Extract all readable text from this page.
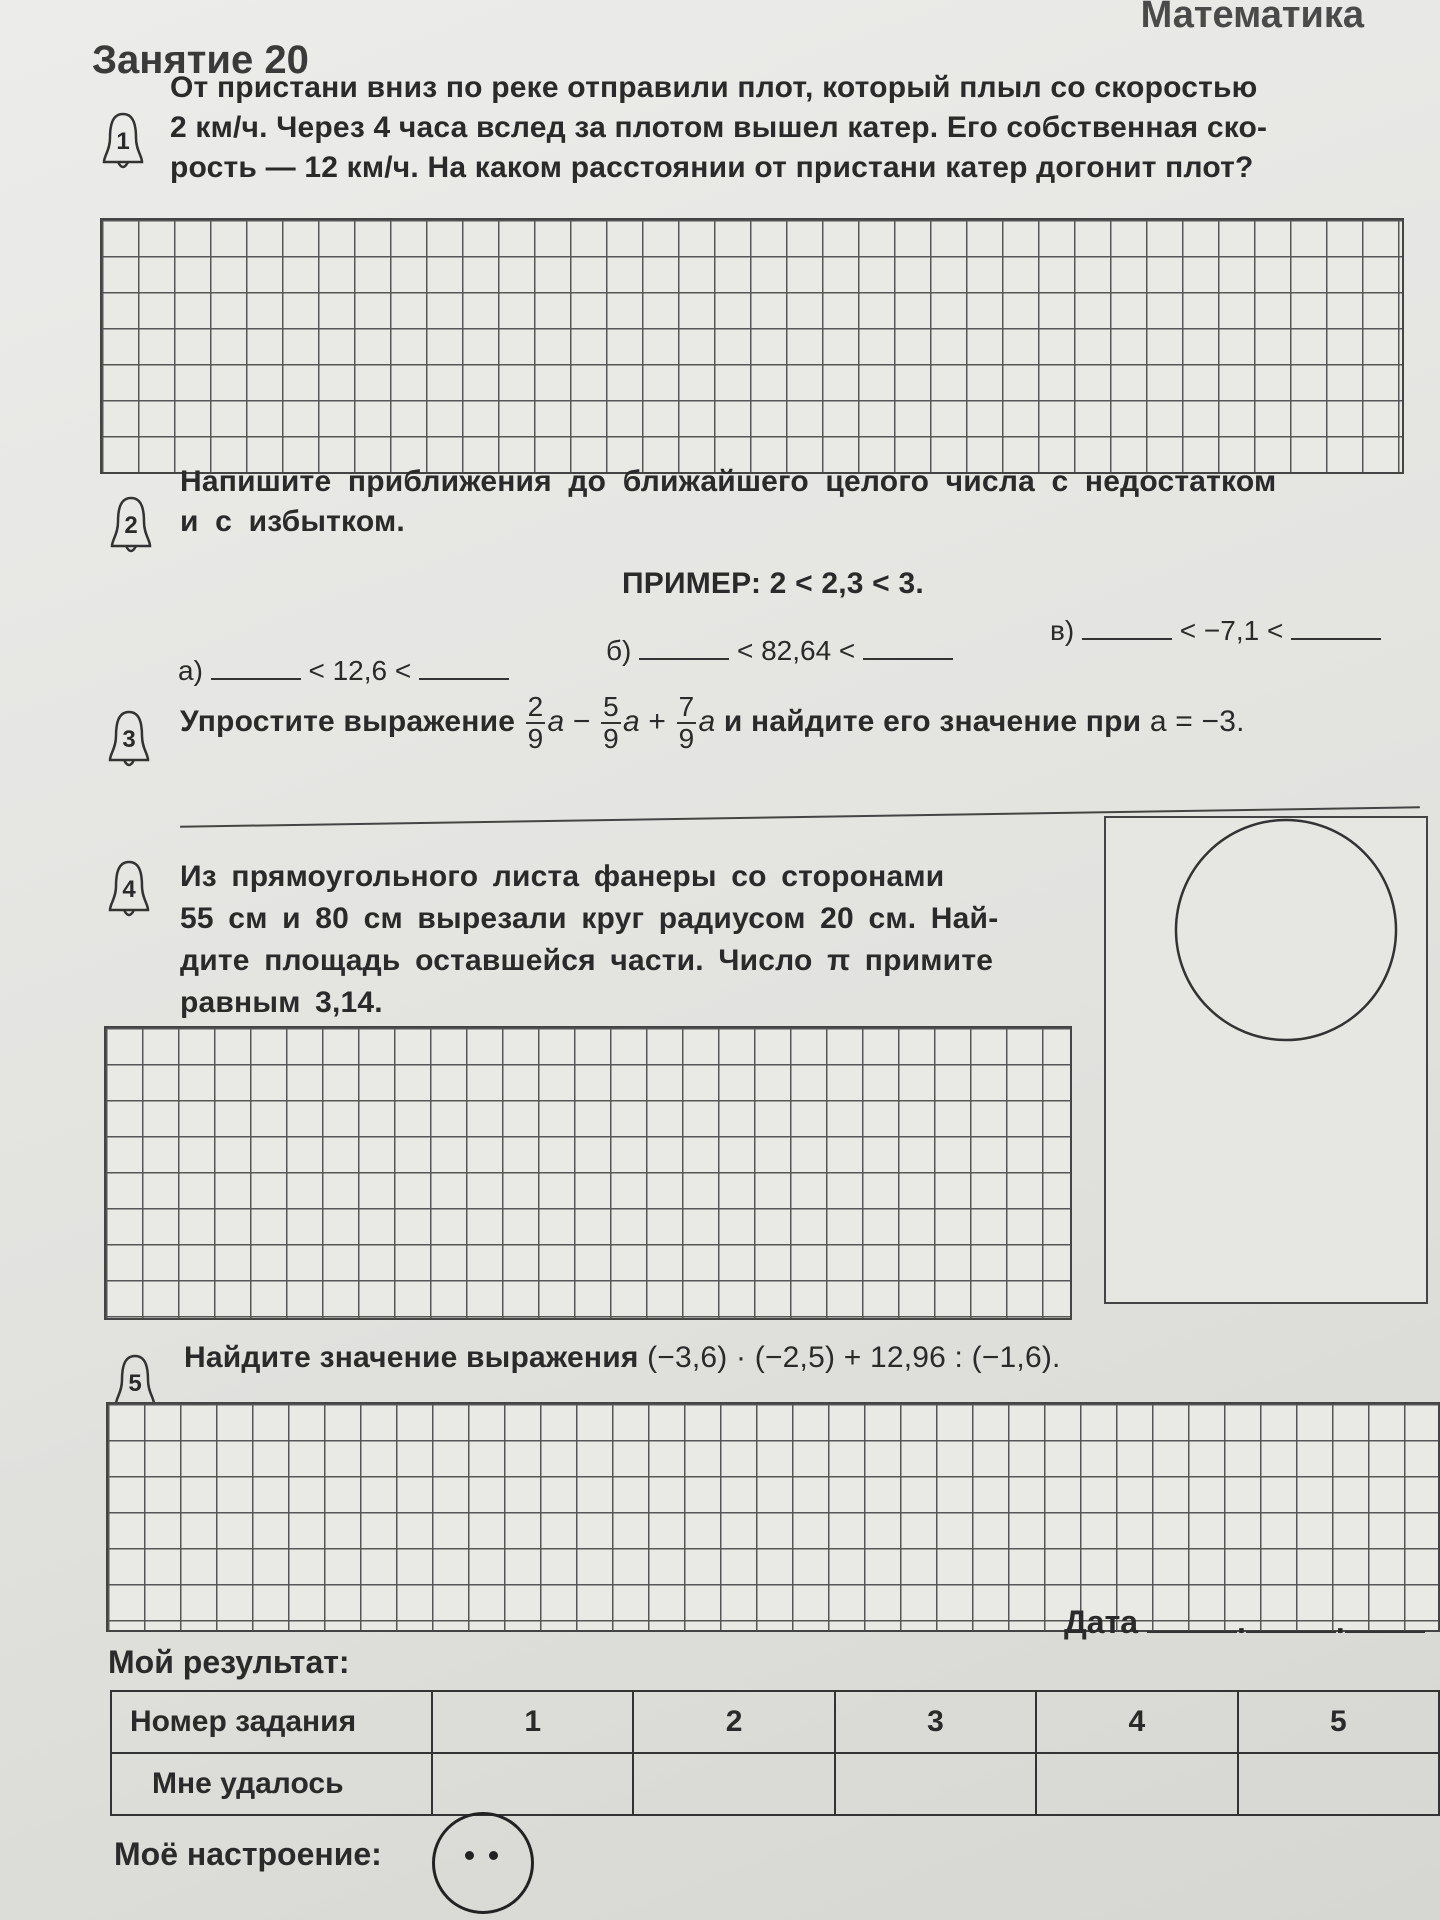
Математика
Занятие 20
1
От пристани вниз по реке отправили плот, который плыл со скоростью
2 км/ч. Через 4 часа вслед за плотом вышел катер. Его собственная ско-
рость — 12 км/ч. На каком расстоянии от пристани катер догонит плот?
2
Напишите приближения до ближайшего целого числа с недостатком
и с избытком.
ПРИМЕР: 2 < 2,3 < 3.
а)	< 12,6 <
б)	< 82,64 <
в)	< −7,1 <
3
Упростите выражение $\frac{2}{9}$ $a - \frac{5}{9}$ $a + \frac{7}{9}$ a и найдите его значение при a = −3.
4	Из прямоугольного листа фанеры со сторонами
55 см и 80 см вырезали круг радиусом 20 см. Най-
дите площадь оставшейся части. Число π примите
равным 3,14.
5
Найдите значение выражения (−3,6) · (−2,5) + 12,96 : (−1,6).
Дата	.	.
Мой результат:
Номер задания	1	2	3	4	5
Мне удалось					
Моё настроение:
